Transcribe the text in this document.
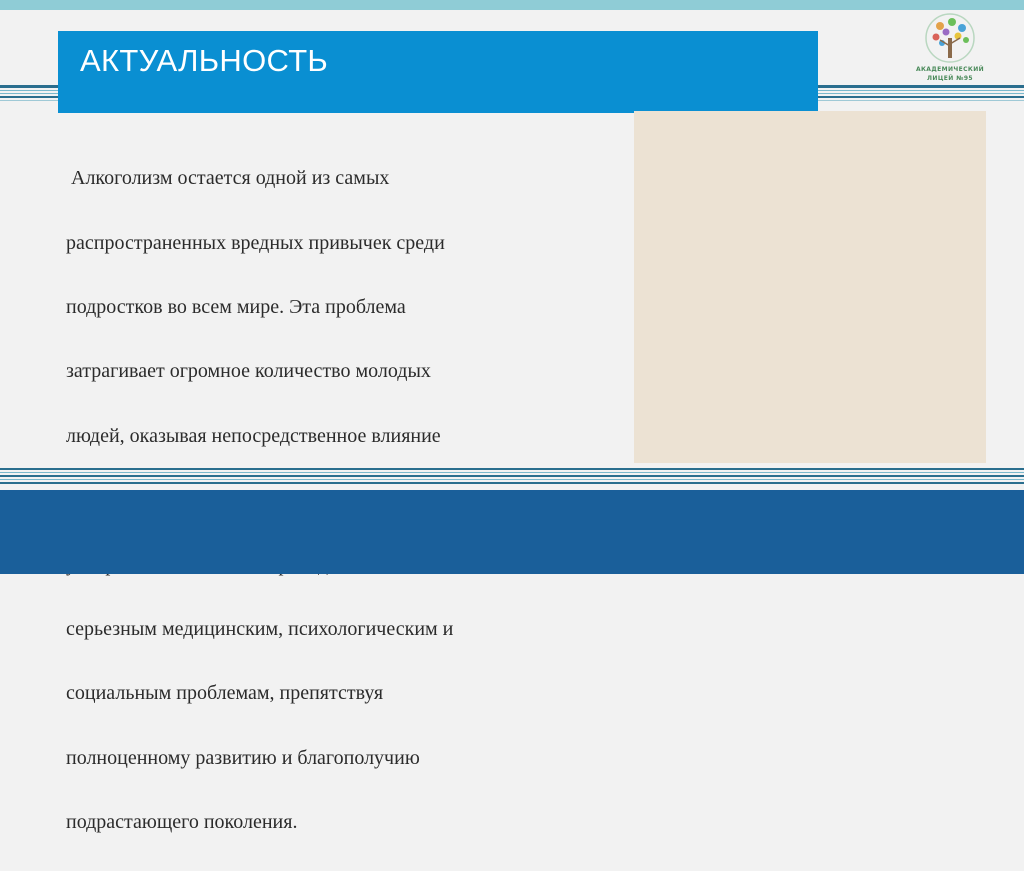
АКТУАЛЬНОСТЬ

Алкоголизм остается одной из самых

распространенных вредных привычек среди

подростков во всем мире. Эта проблема

затрагивает огромное количество молодых

людей, оказывая непосредственное влияние

серьезным медицинским, психологическим и

социальным проблемам, препятствуя

полноценному развитию и благополучию

подрастающего поколения.

АКАДЕМИЧЕСКИЙ
ЛИЦЕЙ №95
